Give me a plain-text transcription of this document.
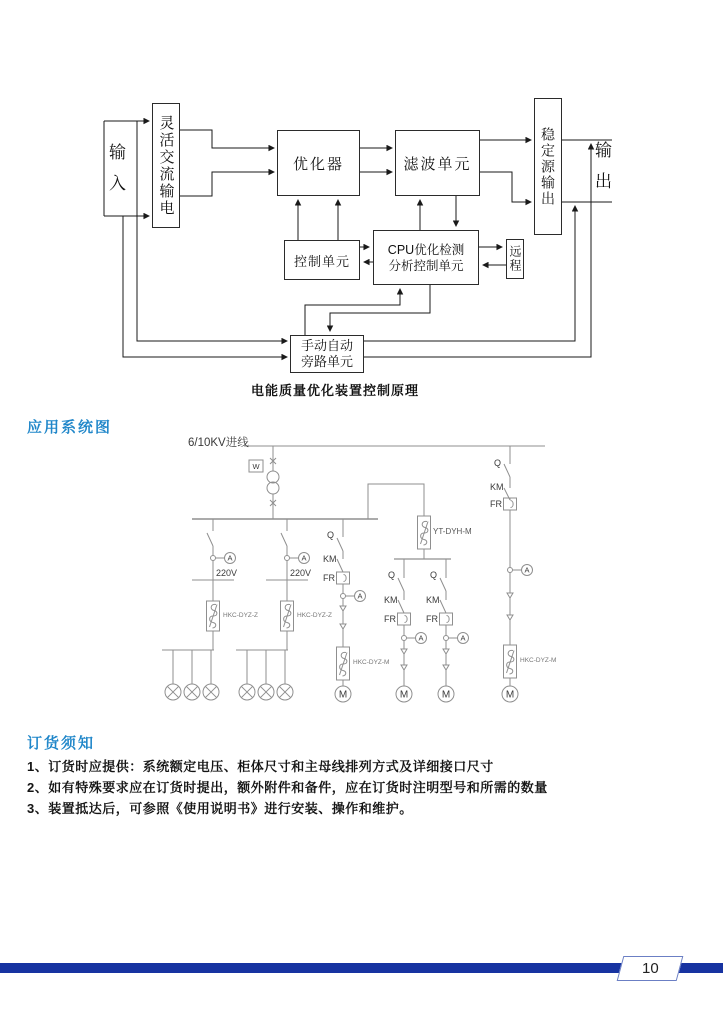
W
A	A
A
A	A
A
M	M	M	M
输入	输出
灵活交流输电	优化器	滤波单元	稳定源输出
控制单元
CPU优化检测
分析控制单元	远程
手动自动
旁路单元
电能质量优化装置控制原理
应用系统图
6/10KV进线
Q
KM
FR	Q
KM
FR
Q
KM
FR
Q
KM
FR
220V	220V
HKC-DYZ-Z	HKC-DYZ-Z
HKC-DYZ-M	HKC-DYZ-M
YT-DYH-M
订货须知
1、订货时应提供：系统额定电压、柜体尺寸和主母线排列方式及详细接口尺寸
2、如有特殊要求应在订货时提出，额外附件和备件，应在订货时注明型号和所需的数量
3、装置抵达后，可参照《使用说明书》进行安装、操作和维护。
10
